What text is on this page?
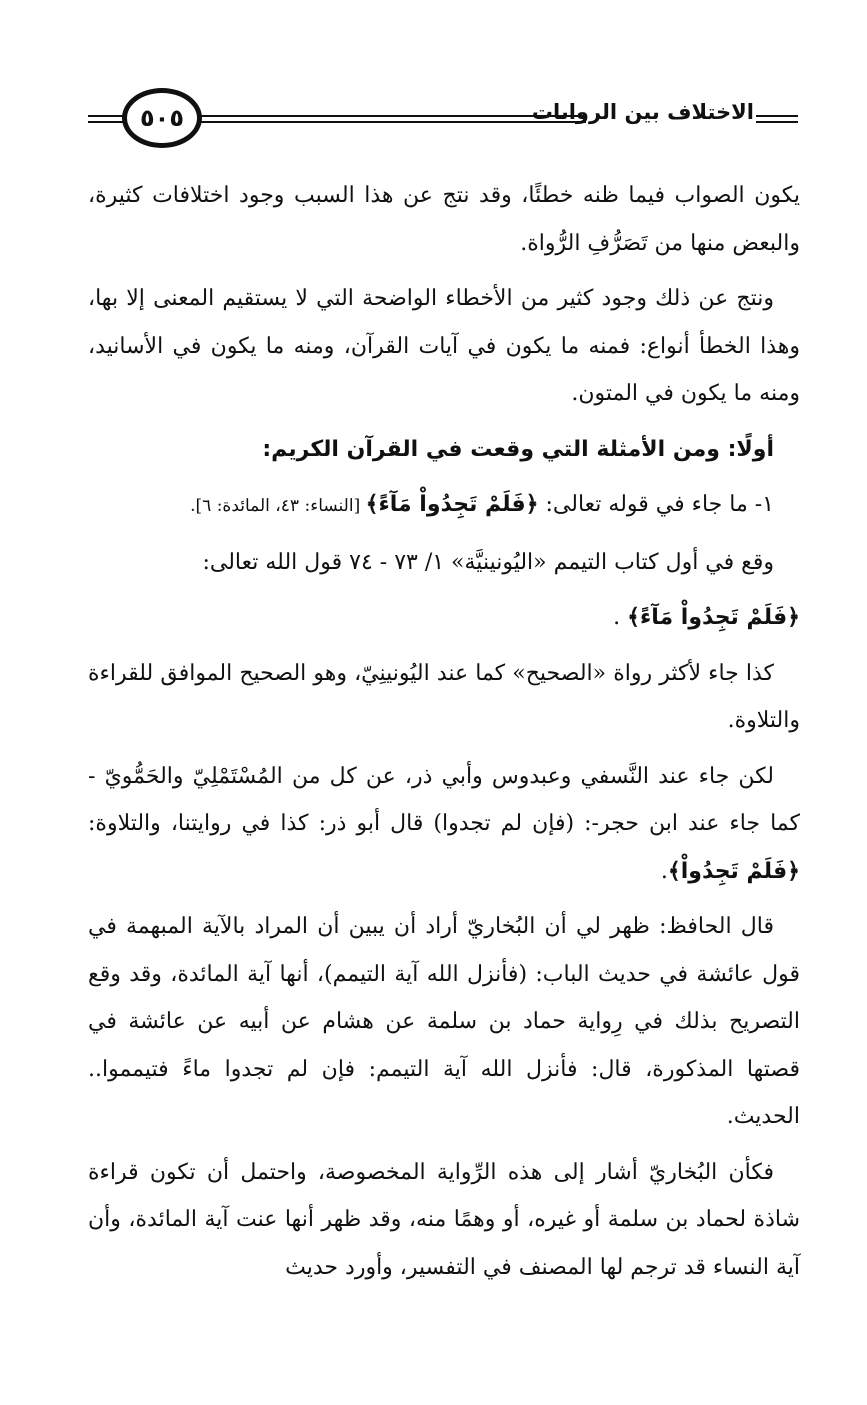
٥٠٥	الاختلاف بين الروايات

يكون الصواب فيما ظنه خطئًا، وقد نتج عن هذا السبب وجود اختلافات كثيرة، والبعض منها من تَصَرُّفِ الرُّواة.

ونتج عن ذلك وجود كثير من الأخطاء الواضحة التي لا يستقيم المعنى إلا بها، وهذا الخطأ أنواع: فمنه ما يكون في آيات القرآن، ومنه ما يكون في الأسانيد، ومنه ما يكون في المتون.

أولًا: ومن الأمثلة التي وقعت في القرآن الكريم:

١- ما جاء في قوله تعالى: ﴿فَلَمْ تَجِدُواْ مَآءً﴾ [النساء: ٤٣، المائدة: ٦].

وقع في أول كتاب التيمم «اليُونينيَّة» ١/ ٧٣ - ٧٤ قول الله تعالى:

﴿فَلَمْ تَجِدُواْ مَآءً﴾ .

كذا جاء لأكثر رواة «الصحيح» كما عند اليُونينِيّ، وهو الصحيح الموافق للقراءة والتلاوة.

لكن جاء عند النَّسفي وعبدوس وأبي ذر، عن كل من المُسْتَمْلِيّ والحَمُّويّ - كما جاء عند ابن حجر-: (فإن لم تجدوا) قال أبو ذر: كذا في روايتنا، والتلاوة: ﴿فَلَمْ تَجِدُواْ﴾.

قال الحافظ: ظهر لي أن البُخاريّ أراد أن يبين أن المراد بالآية المبهمة في قول عائشة في حديث الباب: (فأنزل الله آية التيمم)، أنها آية المائدة، وقد وقع التصريح بذلك في رِواية حماد بن سلمة عن هشام عن أبيه عن عائشة في قصتها المذكورة، قال: فأنزل الله آية التيمم: فإن لم تجدوا ماءً فتيمموا.. الحديث.

فكأن البُخاريّ أشار إلى هذه الرِّواية المخصوصة، واحتمل أن تكون قراءة شاذة لحماد بن سلمة أو غيره، أو وهمًا منه، وقد ظهر أنها عنت آية المائدة، وأن آية النساء قد ترجم لها المصنف في التفسير، وأورد حديث
